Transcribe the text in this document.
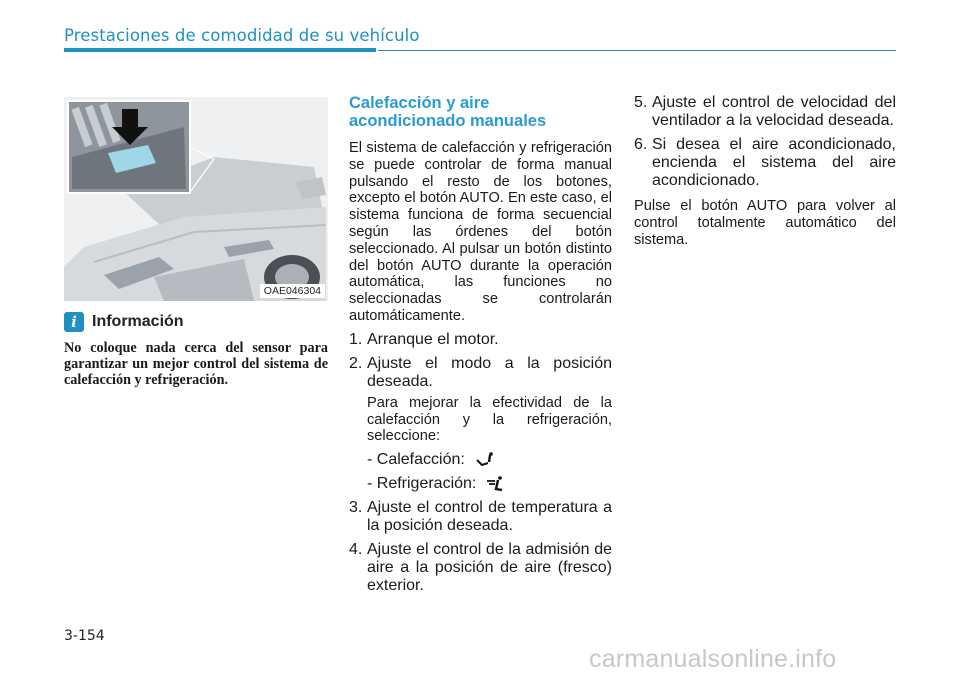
Prestaciones de comodidad de su vehículo
OAE046304
i Información
No coloque nada cerca del sensor para garantizar un mejor control del sistema de calefacción y refrigeración.
Calefacción y aire
acondicionado manuales

El sistema de calefacción y refrigeración se puede controlar de forma manual pulsando el resto de los botones, excepto el botón AUTO. En este caso, el sistema funciona de forma secuencial según las órdenes del botón seleccionado. Al pulsar un botón distinto del botón AUTO durante la operación automática, las funciones no seleccionadas se controlarán automáticamente.

1. Arranque el motor.
2. Ajuste el modo a la posición deseada.

Para mejorar la efectividad de la calefacción y la refrigeración, seleccione:

- Calefacción:
- Refrigeración:
3. Ajuste el control de temperatura a la posición deseada.
4. Ajuste el control de la admisión de aire a la posición de aire (fresco) exterior.
5. Ajuste el control de velocidad del ventilador a la velocidad deseada.
6. Si desea el aire acondicionado, encienda el sistema del aire acondicionado.

Pulse el botón AUTO para volver al control totalmente automático del sistema.

3-154
carmanualsonline.info
